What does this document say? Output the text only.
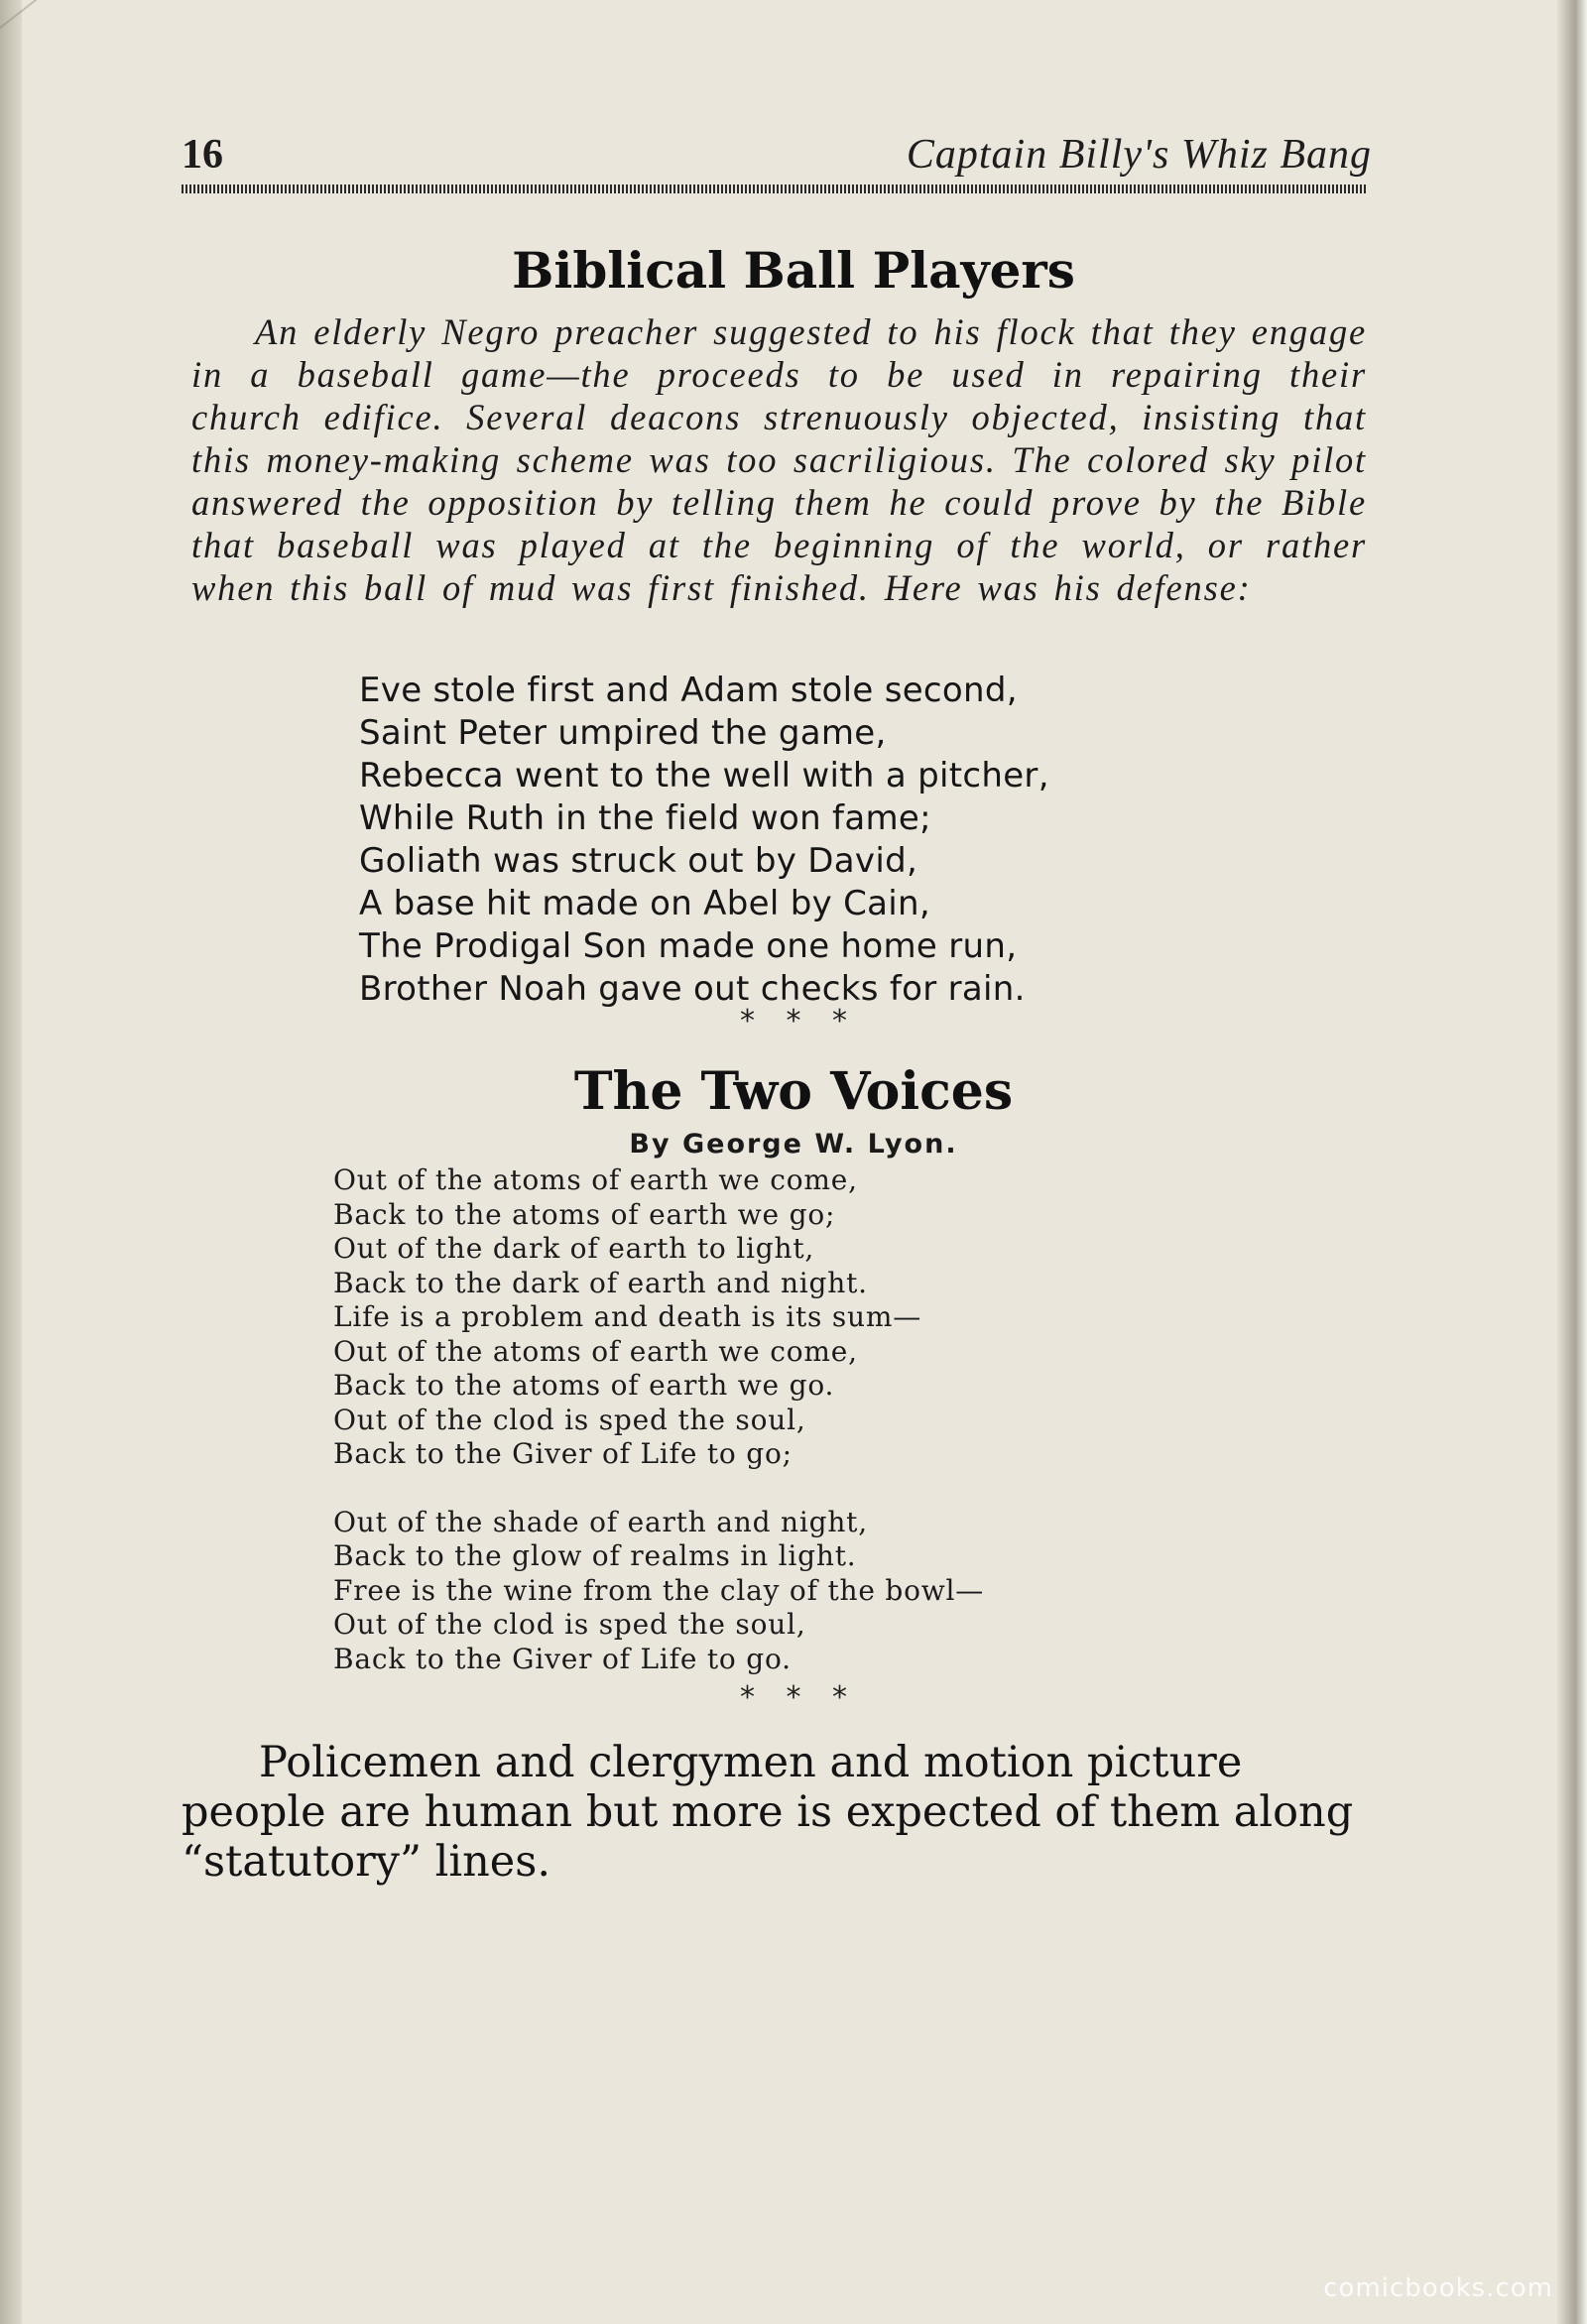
16	Captain Billy's Whiz Bang
Biblical Ball Players
An elderly Negro preacher suggested to his flock that they engage in a baseball game—the proceeds to be used in repairing their church edifice. Several deacons strenuously objected, insisting that this money-making scheme was too sacriligious. The colored sky pilot answered the opposition by telling them he could prove by the Bible that baseball was played at the beginning of the world, or rather when this ball of mud was first finished. Here was his defense:
Eve stole first and Adam stole second,
Saint Peter umpired the game,
Rebecca went to the well with a pitcher,
While Ruth in the field won fame;
Goliath was struck out by David,
A base hit made on Abel by Cain,
The Prodigal Son made one home run,
Brother Noah gave out checks for rain.
* * *
The Two Voices
By George W. Lyon.
Out of the atoms of earth we come,
Back to the atoms of earth we go;
Out of the dark of earth to light,
Back to the dark of earth and night.
Life is a problem and death is its sum—
Out of the atoms of earth we come,
Back to the atoms of earth we go.
Out of the clod is sped the soul,
Back to the Giver of Life to go;
Out of the shade of earth and night,
Back to the glow of realms in light.
Free is the wine from the clay of the bowl—
Out of the clod is sped the soul,
Back to the Giver of Life to go.
* * *
Policemen and clergymen and motion picture people are human but more is expected of them along “statutory” lines.
comicbooks.com
